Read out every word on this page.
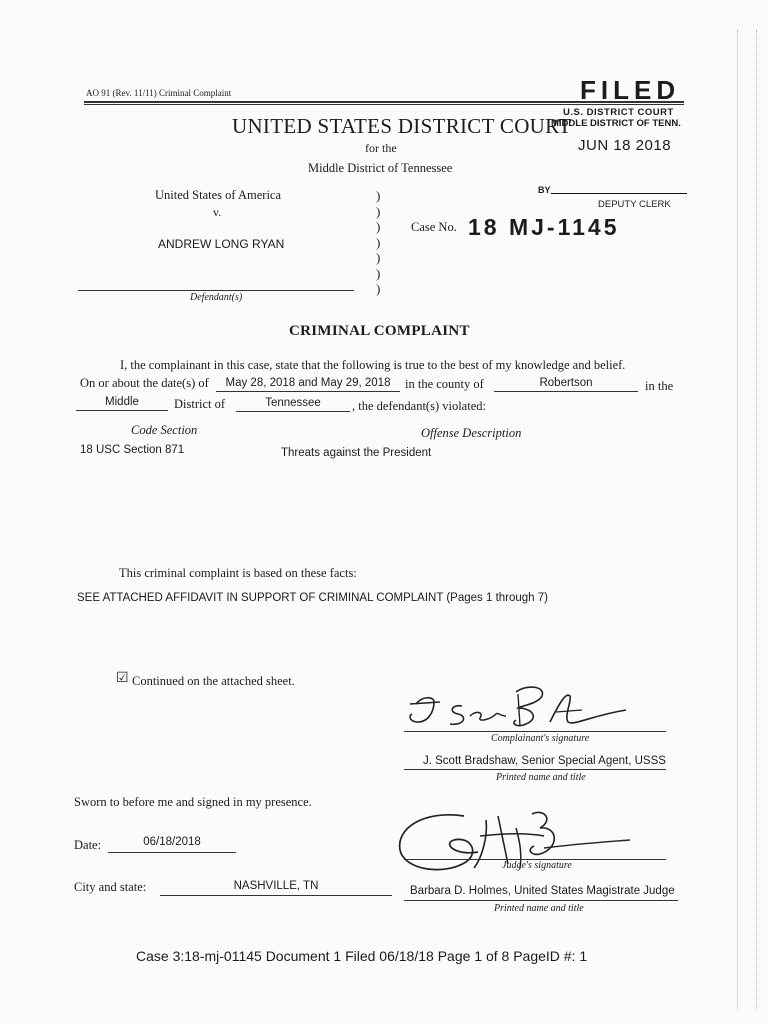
AO 91 (Rev. 11/11) Criminal Complaint	FILED
U.S. DISTRICT COURT
MIDDLE DISTRICT OF TENN.
JUN 18 2018
BY
DEPUTY CLERK
UNITED STATES DISTRICT COURT
for the
Middle District of Tennessee
United States of America
v.
ANDREW LONG RYAN
Defendant(s)
)
)
)
)
)
)
)
Case No. 18 MJ-1145
CRIMINAL COMPLAINT
I, the complainant in this case, state that the following is true to the best of my knowledge and belief.
On or about the date(s) of	May 28, 2018 and May 29, 2018	in the county of	Robertson	in the
Middle	District of	Tennessee	, the defendant(s) violated:
Code Section	Offense Description
18 USC Section 871	Threats against the President
This criminal complaint is based on these facts:
SEE ATTACHED AFFIDAVIT IN SUPPORT OF CRIMINAL COMPLAINT (Pages 1 through 7)
☑ Continued on the attached sheet.
Complainant's signature
J. Scott Bradshaw, Senior Special Agent, USSS
Printed name and title
Sworn to before me and signed in my presence.
Date:	06/18/2018
Judge's signature
City and state:	NASHVILLE, TN	Barbara D. Holmes, United States Magistrate Judge
Printed name and title
Case 3:18-mj-01145 Document 1 Filed 06/18/18 Page 1 of 8 PageID #: 1
